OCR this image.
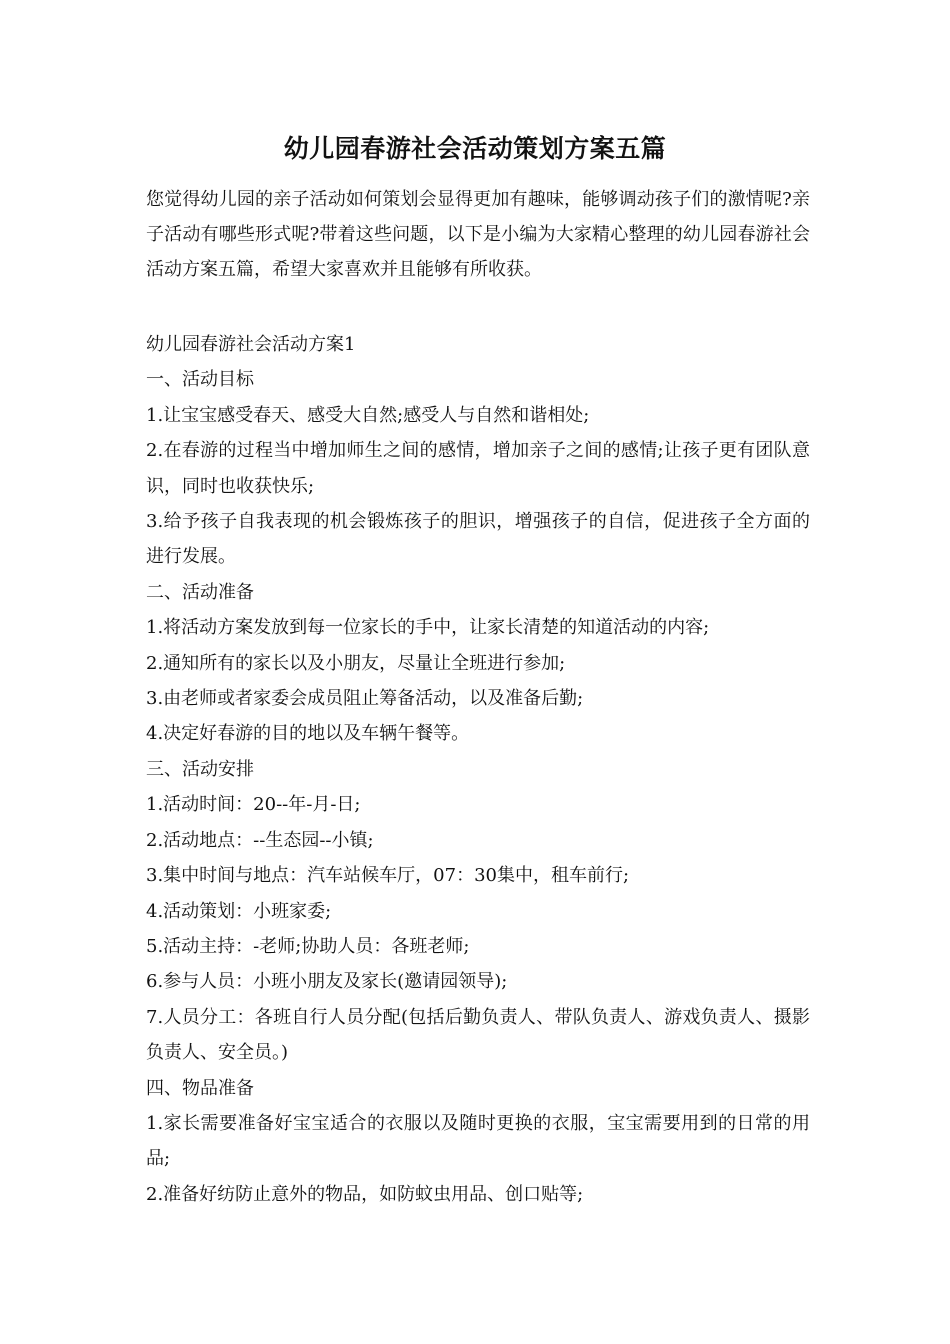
幼儿园春游社会活动策划方案五篇

您觉得幼儿园的亲子活动如何策划会显得更加有趣味，能够调动孩子们的激情呢?亲子活动有哪些形式呢?带着这些问题，以下是小编为大家精心整理的幼儿园春游社会活动方案五篇，希望大家喜欢并且能够有所收获。

幼儿园春游社会活动方案1

一、活动目标

1.让宝宝感受春天、感受大自然;感受人与自然和谐相处;

2.在春游的过程当中增加师生之间的感情，增加亲子之间的感情;让孩子更有团队意识，同时也收获快乐;

3.给予孩子自我表现的机会锻炼孩子的胆识，增强孩子的自信，促进孩子全方面的进行发展。

二、活动准备

1.将活动方案发放到每一位家长的手中，让家长清楚的知道活动的内容;

2.通知所有的家长以及小朋友，尽量让全班进行参加;

3.由老师或者家委会成员阻止筹备活动，以及准备后勤;

4.决定好春游的目的地以及车辆午餐等。

三、活动安排

1.活动时间：20--年-月-日;

2.活动地点：--生态园--小镇;

3.集中时间与地点：汽车站候车厅，07：30集中，租车前行;

4.活动策划：小班家委;

5.活动主持：-老师;协助人员：各班老师;

6.参与人员：小班小朋友及家长(邀请园领导);

7.人员分工：各班自行人员分配(包括后勤负责人、带队负责人、游戏负责人、摄影负责人、安全员。)

四、物品准备

1.家长需要准备好宝宝适合的衣服以及随时更换的衣服，宝宝需要用到的日常的用品;

2.准备好纺防止意外的物品，如防蚊虫用品、创口贴等;
